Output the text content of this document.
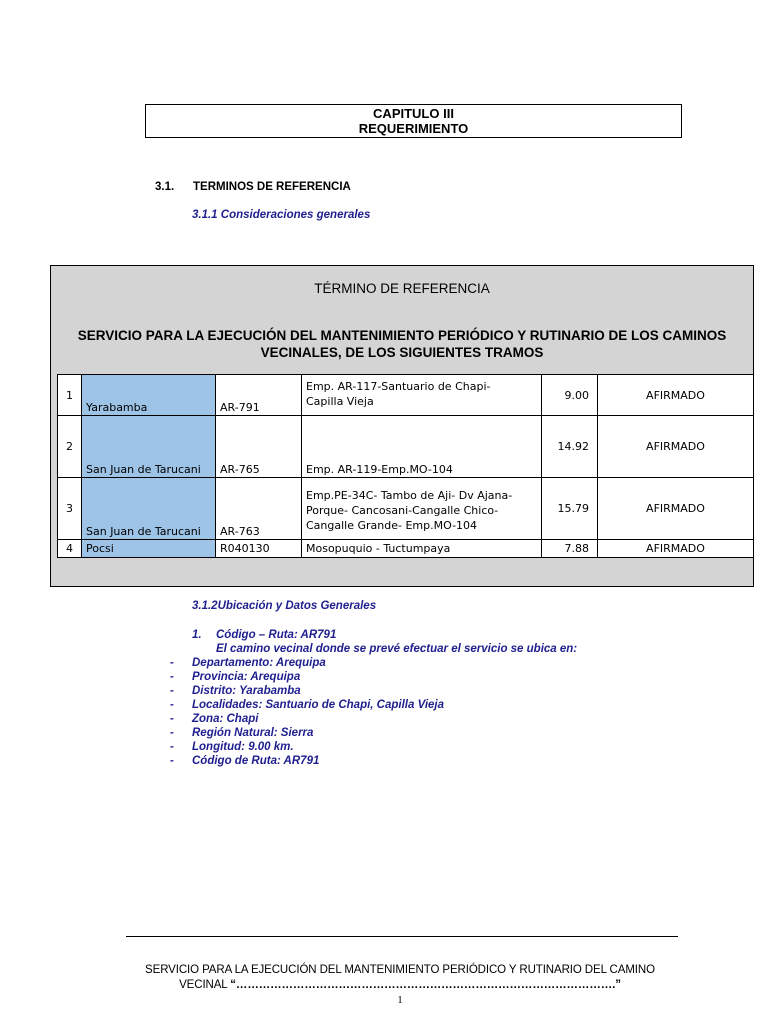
CAPITULO III
REQUERIMIENTO
3.1. TERMINOS DE REFERENCIA
3.1.1 Consideraciones generales
TÉRMINO DE REFERENCIA
SERVICIO PARA LA EJECUCIÓN DEL MANTENIMIENTO PERIÓDICO Y RUTINARIO DE LOS CAMINOS
VECINALES, DE LOS SIGUIENTES TRAMOS
1	Yarabamba	AR-791	Emp. AR-117-Santuario de Chapi-
Capilla Vieja	9.00	AFIRMADO
2	San Juan de Tarucani	AR-765	Emp. AR-119-Emp.MO-104	14.92	AFIRMADO
3	San Juan de Tarucani	AR-763	Emp.PE-34C- Tambo de Aji- Dv Ajana-
Porque- Cancosani-Cangalle Chico-
Cangalle Grande- Emp.MO-104	15.79	AFIRMADO
4	Pocsi	R040130	Mosopuquio - Tuctumpaya	7.88	AFIRMADO
3.1.2Ubicación y Datos Generales
1. Código – Ruta: AR791
El camino vecinal donde se prevé efectuar el servicio se ubica en:
- Departamento: Arequipa
- Provincia: Arequipa
- Distrito: Yarabamba
- Localidades: Santuario de Chapi, Capilla Vieja
- Zona: Chapi
- Región Natural: Sierra
- Longitud: 9.00 km.
- Código de Ruta: AR791
SERVICIO PARA LA EJECUCIÓN DEL MANTENIMIENTO PERIÓDICO Y RUTINARIO DEL CAMINO
VECINAL “……………………………………………………………………………………….”
1
